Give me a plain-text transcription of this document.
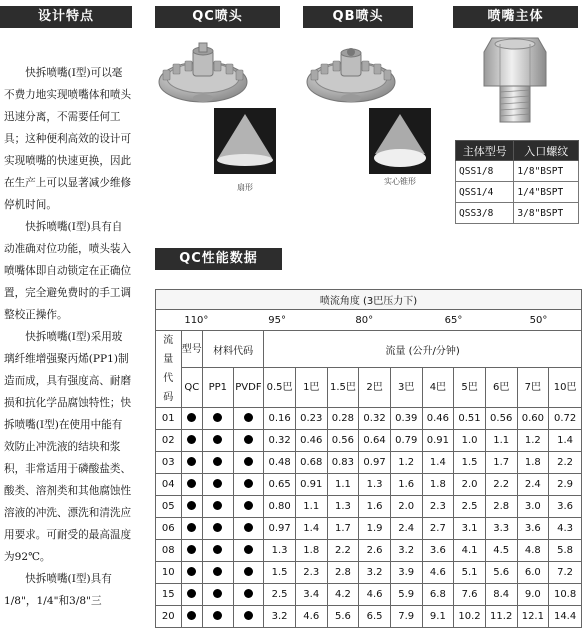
设计特点	QC喷头	QB喷头	喷嘴主体
QC性能数据

快拆喷嘴(I型)可以毫不费力地实现喷嘴体和喷头迅速分离，不需要任何工具；这种便利高效的设计可实现喷嘴的快速更换，因此在生产上可以显著减少维修停机时间。

快拆喷嘴(I型)具有自动准确对位功能，喷头装入喷嘴体即自动锁定在正确位置，完全避免费时的手工调整校正操作。

快拆喷嘴(I型)采用玻璃纤维增强聚丙烯(PP1)制造而成，具有强度高、耐磨损和抗化学品腐蚀特性；快拆喷嘴(I型)在使用中能有效防止冲洗液的结块和浆积，非常适用于磷酸盐类、酸类、溶剂类和其他腐蚀性溶液的冲洗、漂洗和清洗应用要求。可耐受的最高温度为92℃。

快拆喷嘴(I型)具有1/8"，1/4"和3/8"三

扇形
实心锥形
主体型号	入口螺纹
QSS1/8	1/8"BSPT
QSS1/4	1/4"BSPT
QSS3/8	3/8"BSPT
喷流角度 (3巴压力下)

110°	95°	80°	65°	50°

流
量
代
码
	型号	材料代码	流量 (公升/分钟)
QC	PP1	PVDF	0.5巴	1巴	1.5巴	2巴	3巴	4巴	5巴	6巴	7巴	10巴
01				0.16	0.23	0.28	0.32	0.39	0.46	0.51	0.56	0.60	0.72
02				0.32	0.46	0.56	0.64	0.79	0.91	1.0	1.1	1.2	1.4
03				0.48	0.68	0.83	0.97	1.2	1.4	1.5	1.7	1.8	2.2
04				0.65	0.91	1.1	1.3	1.6	1.8	2.0	2.2	2.4	2.9
05				0.80	1.1	1.3	1.6	2.0	2.3	2.5	2.8	3.0	3.6
06				0.97	1.4	1.7	1.9	2.4	2.7	3.1	3.3	3.6	4.3
08				1.3	1.8	2.2	2.6	3.2	3.6	4.1	4.5	4.8	5.8
10				1.5	2.3	2.8	3.2	3.9	4.6	5.1	5.6	6.0	7.2
15				2.5	3.4	4.2	4.6	5.9	6.8	7.6	8.4	9.0	10.8
20				3.2	4.6	5.6	6.5	7.9	9.1	10.2	11.2	12.1	14.4
